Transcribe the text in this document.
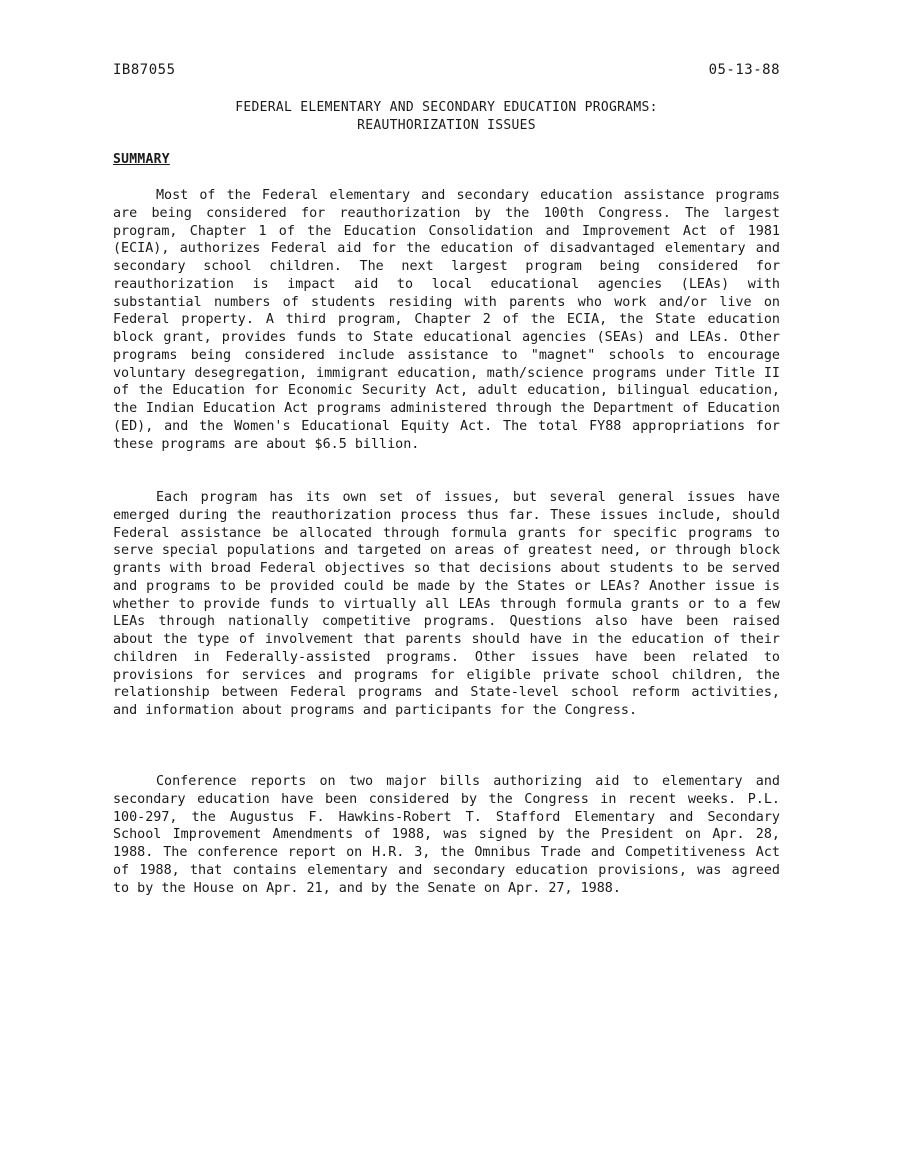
IB87055	05-13-88
FEDERAL ELEMENTARY AND SECONDARY EDUCATION PROGRAMS:
REAUTHORIZATION ISSUES
SUMMARY

Most of the Federal elementary and secondary education assistance programs are being considered for reauthorization by the 100th Congress. The largest program, Chapter 1 of the Education Consolidation and Improvement Act of 1981 (ECIA), authorizes Federal aid for the education of disadvantaged elementary and secondary school children. The next largest program being considered for reauthorization is impact aid to local educational agencies (LEAs) with substantial numbers of students residing with parents who work and/or live on Federal property. A third program, Chapter 2 of the ECIA, the State education block grant, provides funds to State educational agencies (SEAs) and LEAs. Other programs being considered include assistance to "magnet" schools to encourage voluntary desegregation, immigrant education, math/science programs under Title II of the Education for Economic Security Act, adult education, bilingual education, the Indian Education Act programs administered through the Department of Education (ED), and the Women's Educational Equity Act. The total FY88 appropriations for these programs are about $6.5 billion.

Each program has its own set of issues, but several general issues have emerged during the reauthorization process thus far. These issues include, should Federal assistance be allocated through formula grants for specific programs to serve special populations and targeted on areas of greatest need, or through block grants with broad Federal objectives so that decisions about students to be served and programs to be provided could be made by the States or LEAs? Another issue is whether to provide funds to virtually all LEAs through formula grants or to a few LEAs through nationally competitive programs. Questions also have been raised about the type of involvement that parents should have in the education of their children in Federally-assisted programs. Other issues have been related to provisions for services and programs for eligible private school children, the relationship between Federal programs and State-level school reform activities, and information about programs and participants for the Congress.

Conference reports on two major bills authorizing aid to elementary and secondary education have been considered by the Congress in recent weeks. P.L. 100-297, the Augustus F. Hawkins-Robert T. Stafford Elementary and Secondary School Improvement Amendments of 1988, was signed by the President on Apr. 28, 1988. The conference report on H.R. 3, the Omnibus Trade and Competitiveness Act of 1988, that contains elementary and secondary education provisions, was agreed to by the House on Apr. 21, and by the Senate on Apr. 27, 1988.
